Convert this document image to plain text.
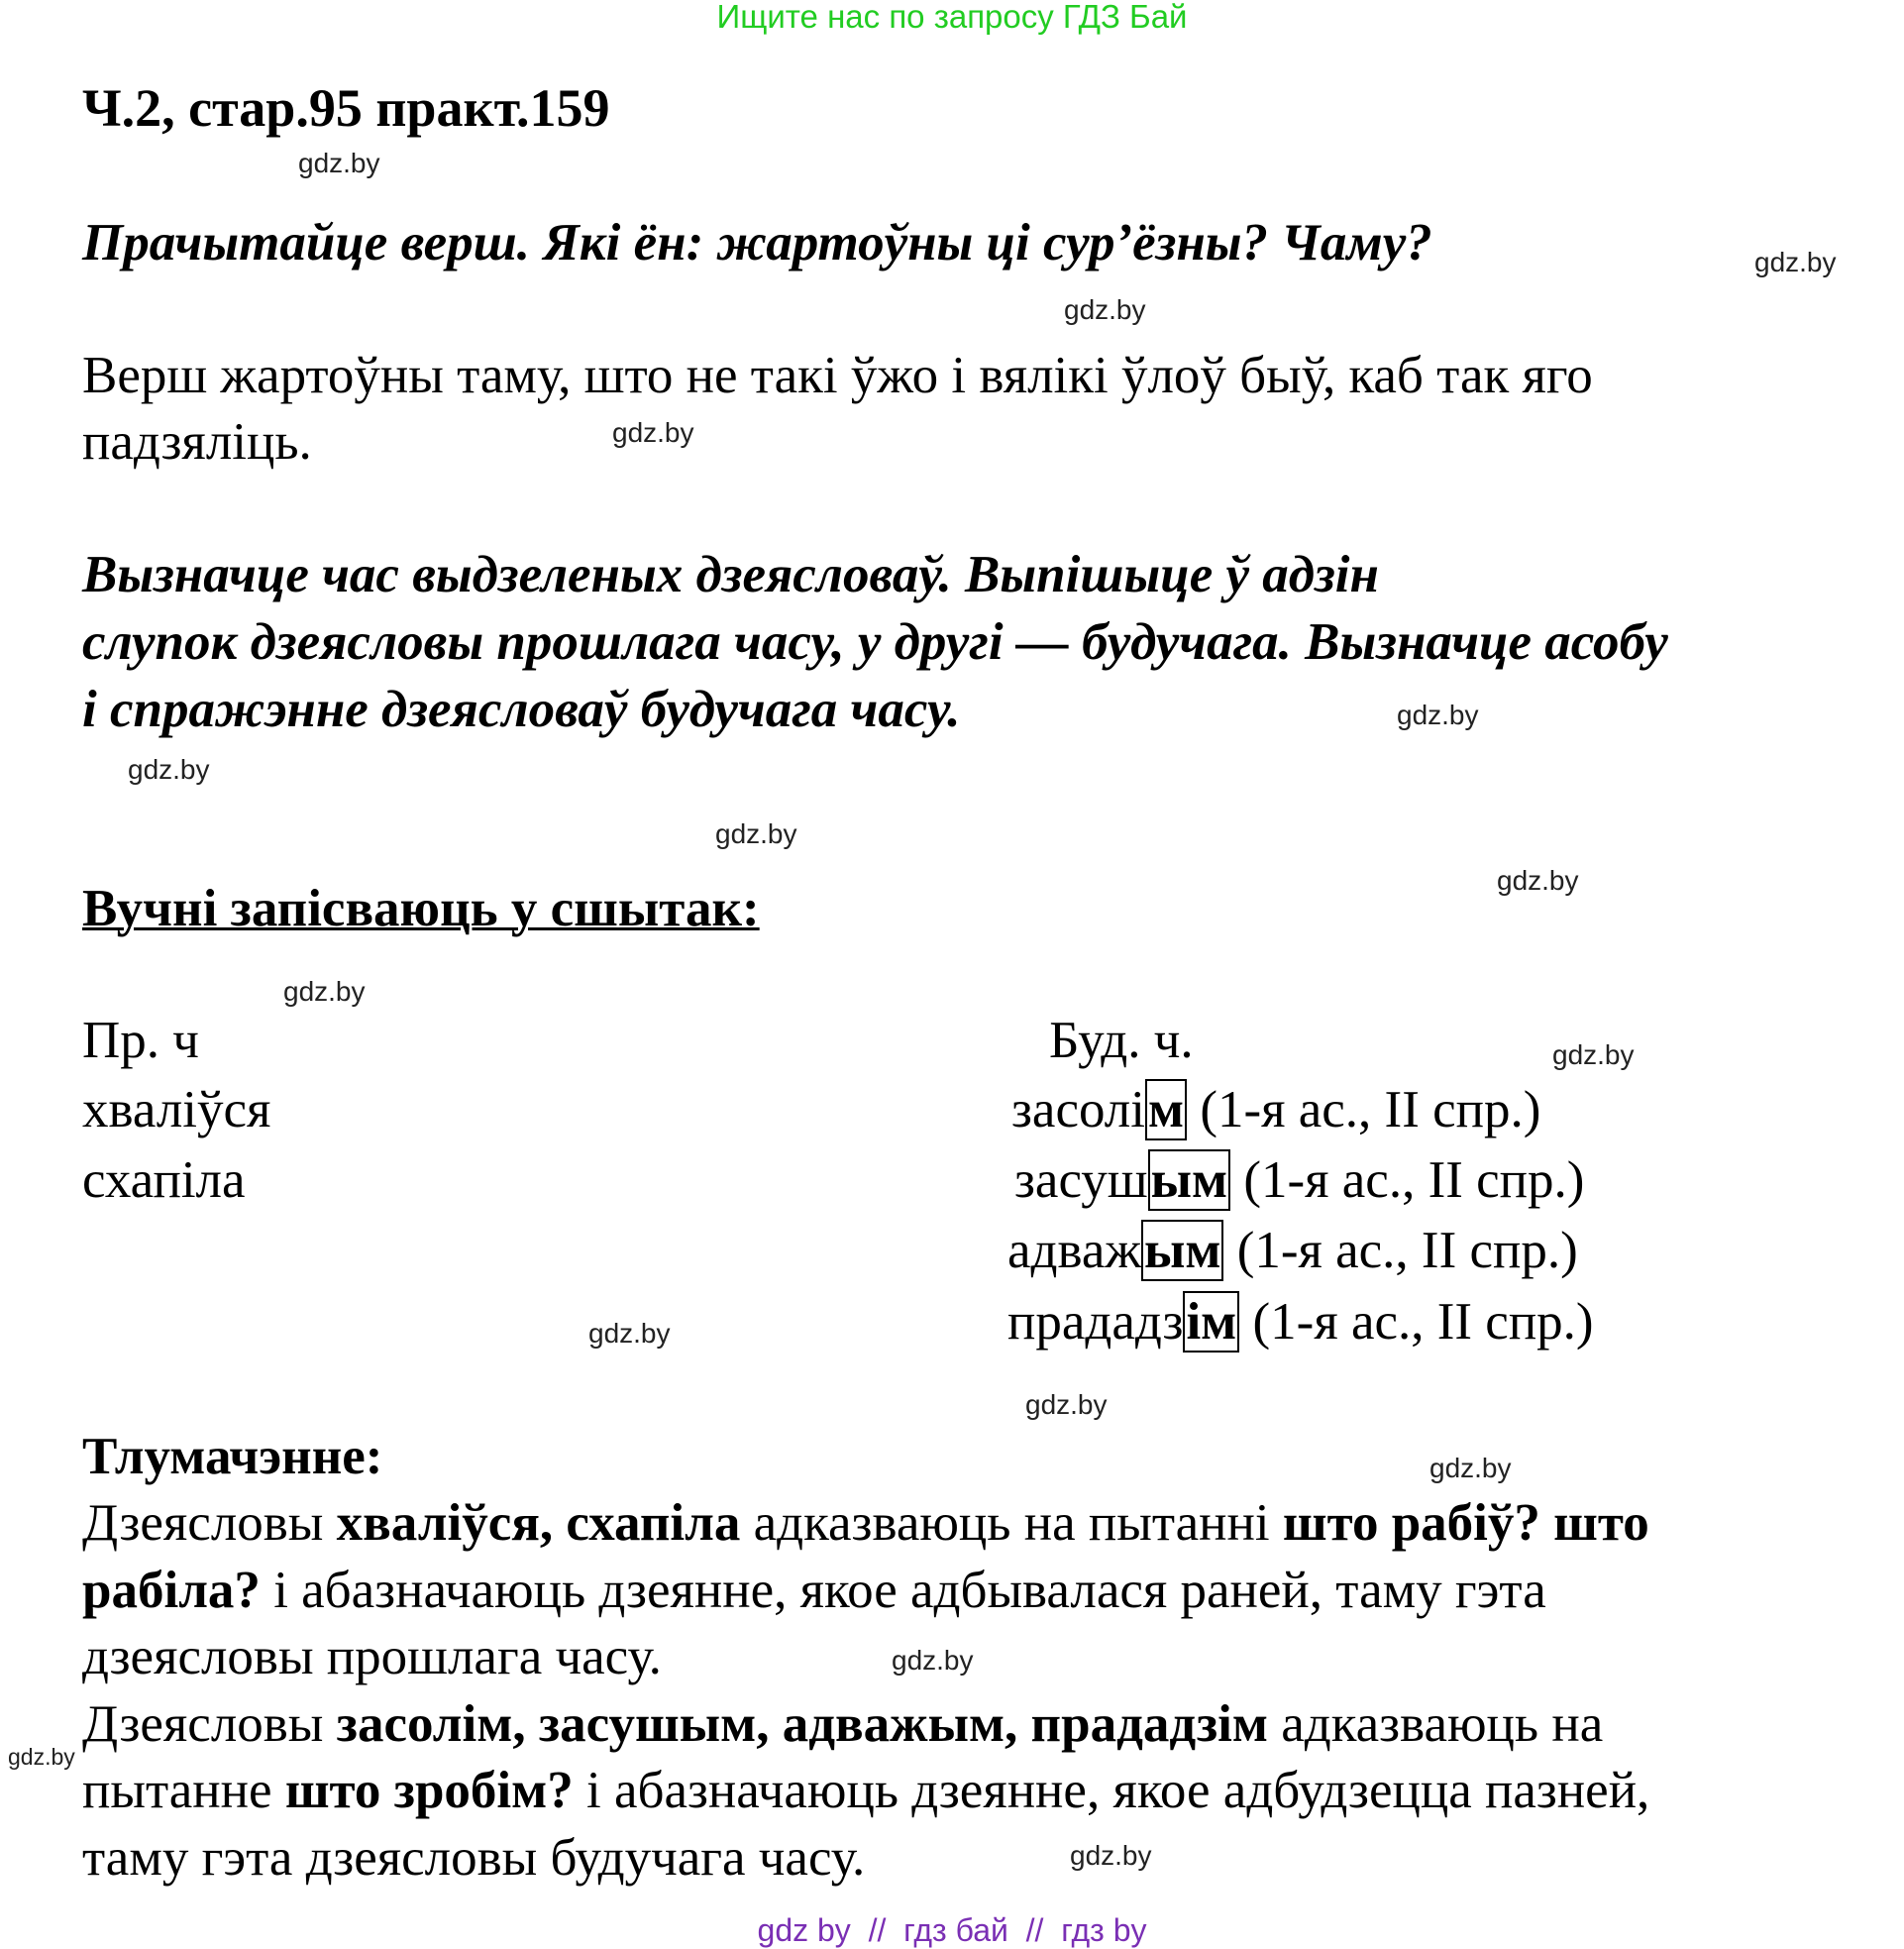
Ищите нас по запросу ГДЗ Бай
Ч.2, стар.95 практ.159
Прачытайце верш. Які ён: жартоўны ці сур’ёзны? Чаму?
Верш жартоўны таму, што не такі ўжо і вялікі ўлоў быў, каб так яго
падзяліць.
Вызначце час выдзеленых дзеясловаў. Выпішыце ў адзін
слупок дзеясловы прошлага часу, у другі — будучага. Вызначце асобу
і спражэнне дзеясловаў будучага часу.
Вучні запісваюць у сшытак:
Пр. ч	Буд. ч.
хваліўся
схапіла
засолім (1-я ас., II спр.)
засушым (1-я ас., II спр.)
адважым (1-я ас., II спр.)
прададзім (1-я ас., II спр.)
Тлумачэнне:
Дзеясловы хваліўся, схапіла адказваюць на пытанні што рабіў? што
рабіла? і абазначаюць дзеянне, якое адбывалася раней, таму гэта
дзеясловы прошлага часу.
Дзеясловы засолім, засушым, адважым, прададзім адказваюць на
пытанне што зробім? і абазначаюць дзеянне, якое адбудзецца пазней,
таму гэта дзеясловы будучага часу.
gdz.by
gdz.by
gdz.by
gdz.by
gdz.by
gdz.by
gdz.by
gdz.by
gdz.by
gdz.by
gdz.by
gdz.by
gdz.by
gdz.by
gdz.by
gdz.by
gdz by  //  гдз бай  //  гдз by
